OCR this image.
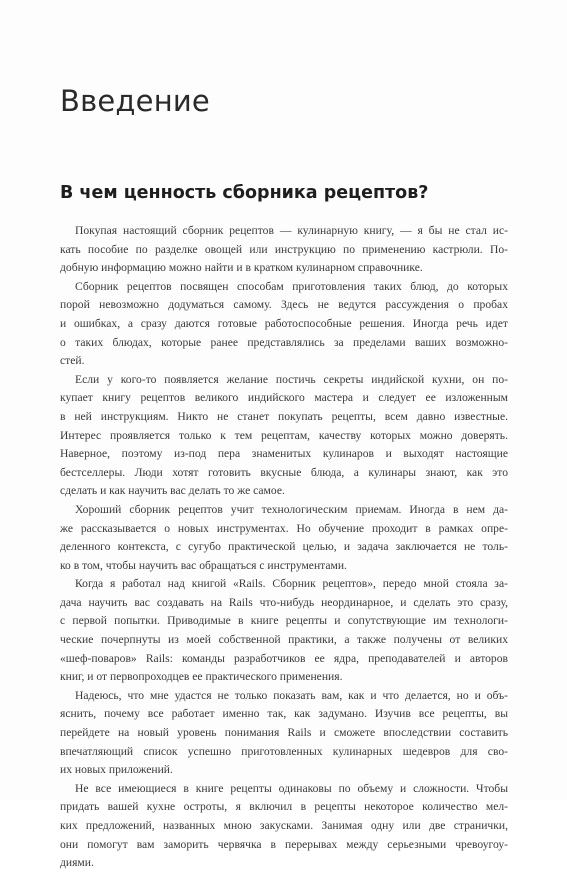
Введение
В чем ценность сборника рецептов?

Покупая настоящий сборник рецептов — кулинарную книгу, — я бы не стал ис-
кать пособие по разделке овощей или инструкцию по применению кастрюли. По-
добную информацию можно найти и в кратком кулинарном справочнике.

Сборник рецептов посвящен способам приготовления таких блюд, до которых
порой невозможно додуматься самому. Здесь не ведутся рассуждения о пробах
и ошибках, а сразу даются готовые работоспособные решения. Иногда речь идет
о таких блюдах, которые ранее представлялись за пределами ваших возможно-
стей.

Если у кого-то появляется желание постичь секреты индийской кухни, он по-
купает книгу рецептов великого индийского мастера и следует ее изложенным
в ней инструкциям. Никто не станет покупать рецепты, всем давно известные.
Интерес проявляется только к тем рецептам, качеству которых можно доверять.
Наверное, поэтому из-под пера знаменитых кулинаров и выходят настоящие
бестселлеры. Люди хотят готовить вкусные блюда, а кулинары знают, как это
сделать и как научить вас делать то же самое.

Хороший сборник рецептов учит технологическим приемам. Иногда в нем да-
же рассказывается о новых инструментах. Но обучение проходит в рамках опре-
деленного контекста, с сугубо практической целью, и задача заключается не толь-
ко в том, чтобы научить вас обращаться с инструментами.

Когда я работал над книгой «Rails. Сборник рецептов», передо мной стояла за-
дача научить вас создавать на Rails что-нибудь неординарное, и сделать это сразу,
с первой попытки. Приводимые в книге рецепты и сопутствующие им технологи-
ческие почерпнуты из моей собственной практики, а также получены от великих
«шеф-поваров» Rails: команды разработчиков ее ядра, преподавателей и авторов
книг, и от первопроходцев ее практического применения.

Надеюсь, что мне удастся не только показать вам, как и что делается, но и объ-
яснить, почему все работает именно так, как задумано. Изучив все рецепты, вы
перейдете на новый уровень понимания Rails и сможете впоследствии составить
впечатляющий список успешно приготовленных кулинарных шедевров для сво-
их новых приложений.

Не все имеющиеся в книге рецепты одинаковы по объему и сложности. Чтобы
придать вашей кухне остроты, я включил в рецепты некоторое количество мел-
ких предложений, названных мною закусками. Занимая одну или две странички,
они помогут вам заморить червячка в перерывах между серьезными чревоугоу-
диями.
